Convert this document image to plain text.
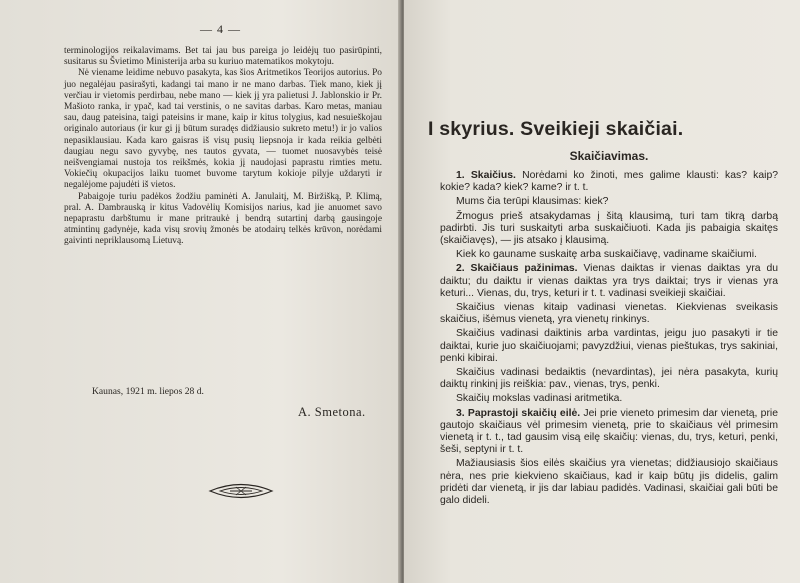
— 4 —

terminologijos reikalavimams. Bet tai jau bus pareiga jo leidėjų tuo pasirūpinti, susitarus su Švietimo Ministerija arba su kuriuo matematikos mokytoju.

Nė viename leidime nebuvo pasakyta, kas šios Aritmetikos Teorijos autorius. Po juo negalėjau pasirašyti, kadangi tai mano ir ne mano darbas. Tiek mano, kiek jį verčiau ir vietomis perdirbau, nebe mano — kiek jį yra palietusi J. Jablonskio ir Pr. Mašioto ranka, ir ypač, kad tai verstinis, o ne savitas darbas. Karo metas, maniau sau, daug pateisina, taigi pateisins ir mane, kaip ir kitus tolygius, kad nesuieškojau originalo autoriaus (ir kur gi jį būtum suradęs didžiausio sukreto metu!) ir jo valios nepasiklausiau. Kada karo gaisras iš visų pusių liepsnoja ir kada reikia gelbėti daugiau negu savo gyvybę, nes tautos gyvata, — tuomet nuosavybės teisė neišvengiamai nustoja tos reikšmės, kokia jį naudojasi paprastu rimties metu. Vokiečių okupacijos laiku tuomet buvome tarytum kokioje pilyje uždaryti ir negalėjome pajudėti iš vietos.

Pabaigoje turiu padėkos žodžiu paminėti A. Janulaitį, M. Biržišką, P. Klimą, pral. A. Dambrauską ir kitus Vadovėlių Komisijos narius, kad jie anuomet savo nepaprastu darbštumu ir mane pritraukė į bendrą sutartinį darbą gausingoje atmintinų gadynėje, kada visų srovių žmonės be atodairų telkės krūvon, norėdami gaivinti nepriklausomą Lietuvą.

Kaunas, 1921 m. liepos 28 d.
A. Smetona.
I skyrius. Sveikieji skaičiai.
Skaičiavimas.

1. Skaičius. Norėdami ko žinoti, mes galime klausti: kas? kaip? kokie? kada? kiek? kame? ir t. t.

Mums čia terūpi klausimas: kiek?

Žmogus prieš atsakydamas į šitą klausimą, turi tam tikrą darbą padirbti. Jis turi suskaityti arba suskaičiuoti. Kada jis pabaigia skaitęs (skaičiavęs), — jis atsako į klausimą.

Kiek ko gauname suskaitę arba suskaičiavę, vadiname skaičiumi.

2. Skaičiaus pažinimas. Vienas daiktas ir vienas daiktas yra du daiktu; du daiktu ir vienas daiktas yra trys daiktai; trys ir vienas yra keturi... Vienas, du, trys, keturi ir t. t. vadinasi sveikieji skaičiai.

Skaičius vienas kitaip vadinasi vienetas. Kiekvienas sveikasis skaičius, išėmus vienetą, yra vienetų rinkinys.

Skaičius vadinasi daiktinis arba vardintas, jeigu juo pasakyti ir tie daiktai, kurie juo skaičiuojami; pavyzdžiui, vienas pieštukas, trys sakiniai, penki kibirai.

Skaičius vadinasi bedaiktis (nevardintas), jei nėra pasakyta, kurių daiktų rinkinį jis reiškia: pav., vienas, trys, penki.

Skaičių mokslas vadinasi aritmetika.

3. Paprastoji skaičių eilė. Jei prie vieneto primesim dar vienetą, prie gautojo skaičiaus vėl primesim vienetą, prie to skaičiaus vėl primesim vienetą ir t. t., tad gausim visą eilę skaičių: vienas, du, trys, keturi, penki, šeši, septyni ir t. t.

Mažiausiasis šios eilės skaičius yra vienetas; didžiausiojo skaičiaus nėra, nes prie kiekvieno skaičiaus, kad ir kaip būtų jis didelis, galim pridėti dar vienetą, ir jis dar labiau padidės. Vadinasi, skaičiai gali būti be galo dideli.
